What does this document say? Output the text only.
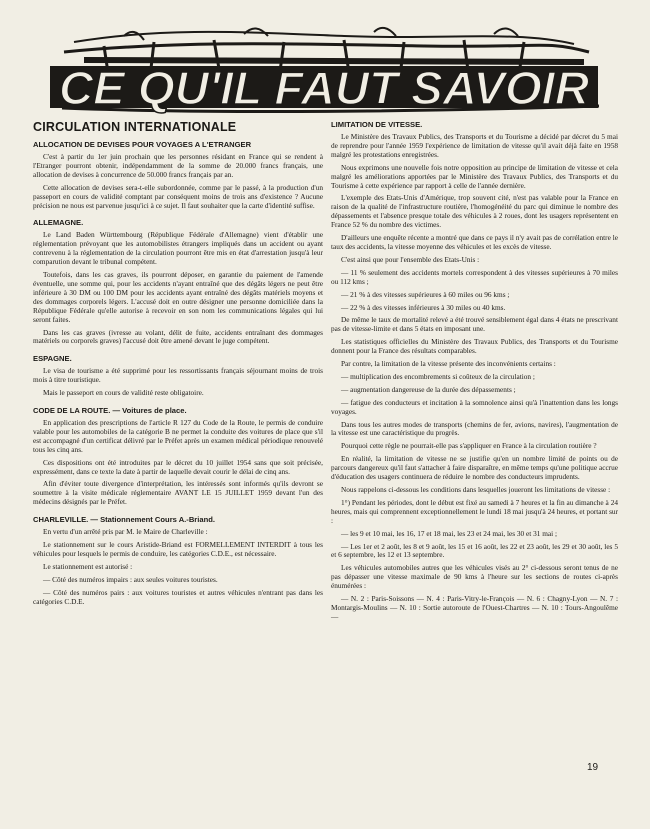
CE QU'IL FAUT SAVOIR
CIRCULATION INTERNATIONALE
ALLOCATION DE DEVISES POUR VOYAGES A L'ETRANGER

C'est à partir du 1er juin prochain que les personnes résidant en France qui se rendent à l'Etranger pourront obtenir, indépendamment de la somme de 20.000 francs français, une allocation de devises à concurrence de 50.000 francs français par an.

Cette allocation de devises sera-t-elle subordonnée, comme par le passé, à la production d'un passeport en cours de validité comptant par conséquent moins de trois ans d'existence ? Aucune précision ne nous est parvenue jusqu'ici à ce sujet. Il faut souhaiter que la carte d'identité suffise.

ALLEMAGNE.

Le Land Baden Württembourg (République Fédérale d'Allemagne) vient d'établir une réglementation prévoyant que les automobilistes étrangers impliqués dans un accident ou ayant contrevenu à la réglementation de la circulation pourront être mis en état d'arrestation jusqu'à leur comparution devant le tribunal compétent.

Toutefois, dans les cas graves, ils pourront déposer, en garantie du paiement de l'amende éventuelle, une somme qui, pour les accidents n'ayant entraîné que des dégâts légers ne peut être inférieure à 30 DM ou 100 DM pour les accidents ayant entraîné des dégâts matériels moyens et des dommages corporels légers. L'accusé doit en outre désigner une personne domiciliée dans la République Fédérale qu'elle autorise à recevoir en son nom les communications légales qui lui seront faites.

Dans les cas graves (ivresse au volant, délit de fuite, accidents entraînant des dommages matériels ou corporels graves) l'accusé doit être amené devant le juge compétent.

ESPAGNE.

Le visa de tourisme a été supprimé pour les ressortissants français séjournant moins de trois mois à titre touristique.

Mais le passeport en cours de validité reste obligatoire.

CODE DE LA ROUTE. — Voitures de place.

En application des prescriptions de l'article R 127 du Code de la Route, le permis de conduire valable pour les automobiles de la catégorie B ne permet la conduite des voitures de place que s'il est accompagné d'un certificat délivré par le Préfet après un examen médical périodique renouvelé tous les cinq ans.

Ces dispositions ont été introduites par le décret du 10 juillet 1954 sans que soit précisée, expressément, dans ce texte la date à partir de laquelle devait courir le délai de cinq ans.

Afin d'éviter toute divergence d'interprétation, les intéressés sont informés qu'ils devront se soumettre à la visite médicale réglementaire AVANT LE 15 JUILLET 1959 devant l'un des médecins désignés par le Préfet.

CHARLEVILLE. — Stationnement Cours A.-Briand.

En vertu d'un arrêté pris par M. le Maire de Charleville :

Le stationnement sur le cours Aristide-Briand est FORMELLEMENT INTERDIT à tous les véhicules pour lesquels le permis de conduire, les catégories C.D.E., est nécessaire.

Le stationnement est autorisé :

— Côté des numéros impairs : aux seules voitures touristes.

— Côté des numéros pairs : aux voitures touristes et autres véhicules n'entrant pas dans les catégories C.D.E.

LIMITATION DE VITESSE.

Le Ministère des Travaux Publics, des Transports et du Tourisme a décidé par décret du 5 mai de reprendre pour l'année 1959 l'expérience de limitation de vitesse qu'il avait déjà faite en 1958 malgré les protestations enregistrées.

Nous exprimons une nouvelle fois notre opposition au principe de limitation de vitesse et cela malgré les améliorations apportées par le Ministère des Travaux Publics, des Transports et du Tourisme à cette expérience par rapport à celle de l'année dernière.

L'exemple des Etats-Unis d'Amérique, trop souvent cité, n'est pas valable pour la France en raison de la qualité de l'infrastructure routière, l'homogénéité du parc qui diminue le nombre des dépassements et l'absence presque totale des véhicules à 2 roues, dont les usagers représentent en France 52 % du nombre des victimes.

D'ailleurs une enquête récente a montré que dans ce pays il n'y avait pas de corrélation entre le taux des accidents, la vitesse moyenne des véhicules et les excès de vitesse.

C'est ainsi que pour l'ensemble des Etats-Unis :

— 11 % seulement des accidents mortels correspondent à des vitesses supérieures à 70 miles ou 112 kms ;

— 21 % à des vitesses supérieures à 60 miles ou 96 kms ;

— 22 % à des vitesses inférieures à 30 miles ou 40 kms.

De même le taux de mortalité relevé a été trouvé sensiblement égal dans 4 états ne prescrivant pas de vitesse-limite et dans 5 états en imposant une.

Les statistiques officielles du Ministère des Travaux Publics, des Transports et du Tourisme donnent pour la France des résultats comparables.

Par contre, la limitation de la vitesse présente des inconvénients certains :

— multiplication des encombrements si coûteux de la circulation ;

— augmentation dangereuse de la durée des dépassements ;

— fatigue des conducteurs et incitation à la somnolence ainsi qu'à l'inattention dans les longs voyages.

Dans tous les autres modes de transports (chemins de fer, avions, navires), l'augmentation de la vitesse est une caractéristique du progrès.

Pourquoi cette règle ne pourrait-elle pas s'appliquer en France à la circulation routière ?

En réalité, la limitation de vitesse ne se justifie qu'en un nombre limité de points ou de parcours dangereux qu'il faut s'attacher à faire disparaître, en même temps qu'une politique accrue d'éducation des usagers continuera de réduire le nombre des conducteurs imprudents.

Nous rappelons ci-dessous les conditions dans lesquelles joueront les limitations de vitesse :

1°) Pendant les périodes, dont le début est fixé au samedi à 7 heures et la fin au dimanche à 24 heures, mais qui comprennent exceptionnellement le lundi 18 mai jusqu'à 24 heures, et portant sur :

— les 9 et 10 mai, les 16, 17 et 18 mai, les 23 et 24 mai, les 30 et 31 mai ;

— Les 1er et 2 août, les 8 et 9 août, les 15 et 16 août, les 22 et 23 août, les 29 et 30 août, les 5 et 6 septembre, les 12 et 13 septembre.

Les véhicules automobiles autres que les véhicules visés au 2° ci-dessous seront tenus de ne pas dépasser une vitesse maximale de 90 kms à l'heure sur les sections de routes ci-après énumérées :

— N. 2 : Paris-Soissons — N. 4 : Paris-Vitry-le-François — N. 6 : Chagny-Lyon — N. 7 : Montargis-Moulins — N. 10 : Sortie autoroute de l'Ouest-Chartres — N. 10 : Tours-Angoulême —

19
